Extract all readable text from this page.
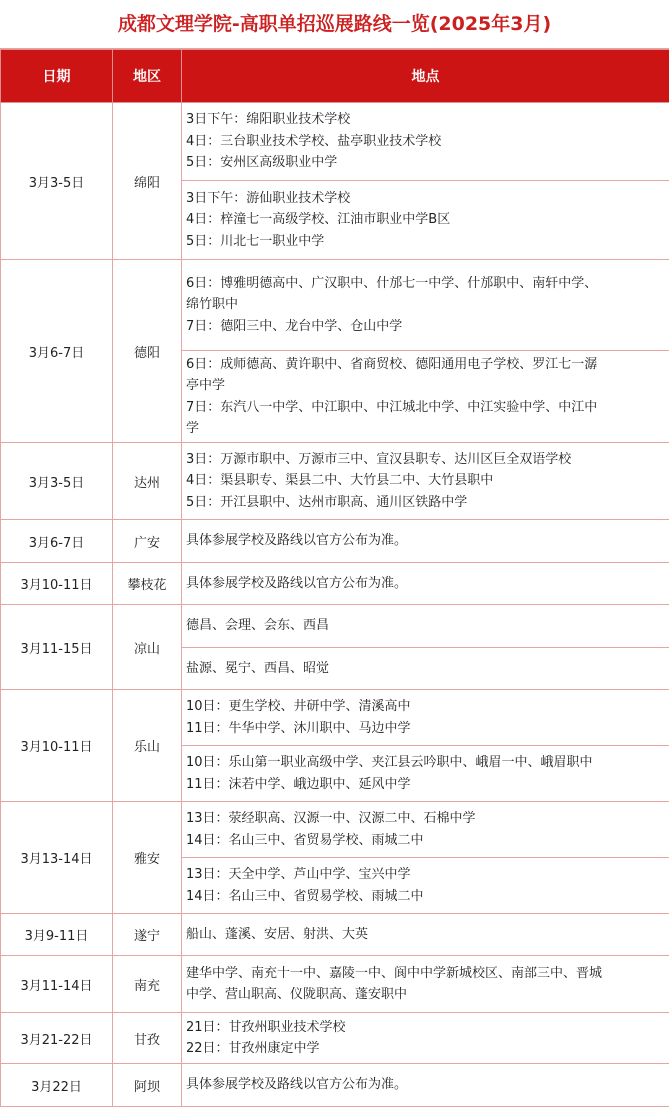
成都文理学院-高职单招巡展路线一览(2025年3月)
日期	地区	地点
3月3-5日	绵阳	3日下午：绵阳职业技术学校
4日：三台职业技术学校、盐亭职业技术学校
5日：安州区高级职业中学

		3日下午：游仙职业技术学校
4日：梓潼七一高级学校、江油市职业中学B区
5日：川北七一职业中学

3月6-7日	德阳	6日：博雅明德高中、广汉职中、什邡七一中学、什邡职中、南轩中学、
绵竹职中
7日：德阳三中、龙台中学、仓山中学

		6日：成师德高、黄许职中、省商贸校、德阳通用电子学校、罗江七一潺
亭中学
7日：东汽八一中学、中江职中、中江城北中学、中江实验中学、中江中
学

3月3-5日	达州	3日：万源市职中、万源市三中、宣汉县职专、达川区巨全双语学校
4日：渠县职专、渠县二中、大竹县二中、大竹县职中
5日：开江县职中、达州市职高、通川区铁路中学

3月6-7日	广安	具体参展学校及路线以官方公布为准。

3月10-11日	攀枝花	具体参展学校及路线以官方公布为准。

3月11-15日	凉山	德昌、会理、会东、西昌

		盐源、冕宁、西昌、昭觉

3月10-11日	乐山	10日：更生学校、井研中学、清溪高中
11日：牛华中学、沐川职中、马边中学

		10日：乐山第一职业高级中学、夹江县云吟职中、峨眉一中、峨眉职中
11日：沫若中学、峨边职中、延风中学

3月13-14日	雅安	13日：荥经职高、汉源一中、汉源二中、石棉中学
14日：名山三中、省贸易学校、雨城二中

		13日：天全中学、芦山中学、宝兴中学
14日：名山三中、省贸易学校、雨城二中

3月9-11日	遂宁	船山、蓬溪、安居、射洪、大英

3月11-14日	南充	建华中学、南充十一中、嘉陵一中、阆中中学新城校区、南部三中、晋城
中学、营山职高、仪陇职高、蓬安职中

3月21-22日	甘孜	21日：甘孜州职业技术学校
22日：甘孜州康定中学

3月22日	阿坝	具体参展学校及路线以官方公布为准。
